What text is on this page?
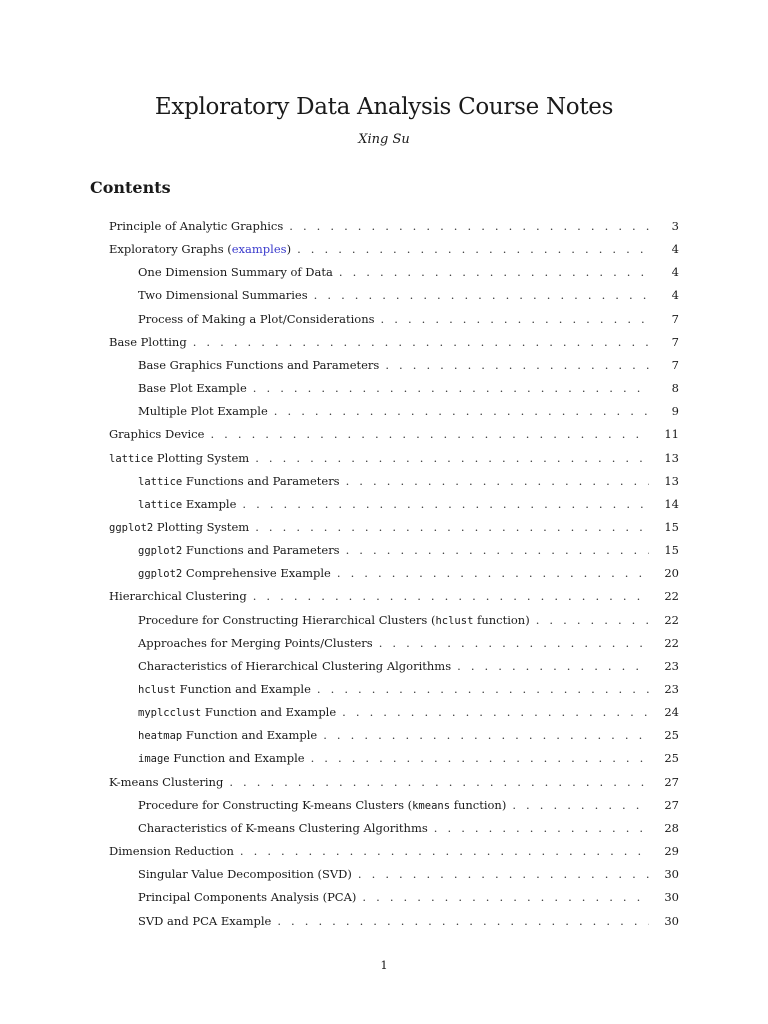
Exploratory Data Analysis Course Notes
Xing Su
Contents
Principle of Analytic Graphics . . .	3
Exploratory Graphs (examples) . . .	4
One Dimension Summary of Data . . .	4
Two Dimensional Summaries . . .	4
Process of Making a Plot/Considerations . . .	7
Base Plotting . . .	7
Base Graphics Functions and Parameters . . .	7
Base Plot Example . . .	8
Multiple Plot Example . . .	9
Graphics Device . . .	11
lattice Plotting System . . .	13
lattice Functions and Parameters . . .	13
lattice Example . . .	14
ggplot2 Plotting System . . .	15
ggplot2 Functions and Parameters . . .	15
ggplot2 Comprehensive Example . . .	20
Hierarchical Clustering . . .	22
Procedure for Constructing Hierarchical Clusters (hclust function) . . .	22
Approaches for Merging Points/Clusters . . .	22
Characteristics of Hierarchical Clustering Algorithms . . .	23
hclust Function and Example . . .	23
myplcclust Function and Example . . .	24
heatmap Function and Example . . .	25
image Function and Example . . .	25
K-means Clustering . . .	27
Procedure for Constructing K-means Clusters (kmeans function) . . .	27
Characteristics of K-means Clustering Algorithms . . .	28
Dimension Reduction . . .	29
Singular Value Decomposition (SVD) . . .	30
Principal Components Analysis (PCA) . . .	30
SVD and PCA Example . . .	30
1
